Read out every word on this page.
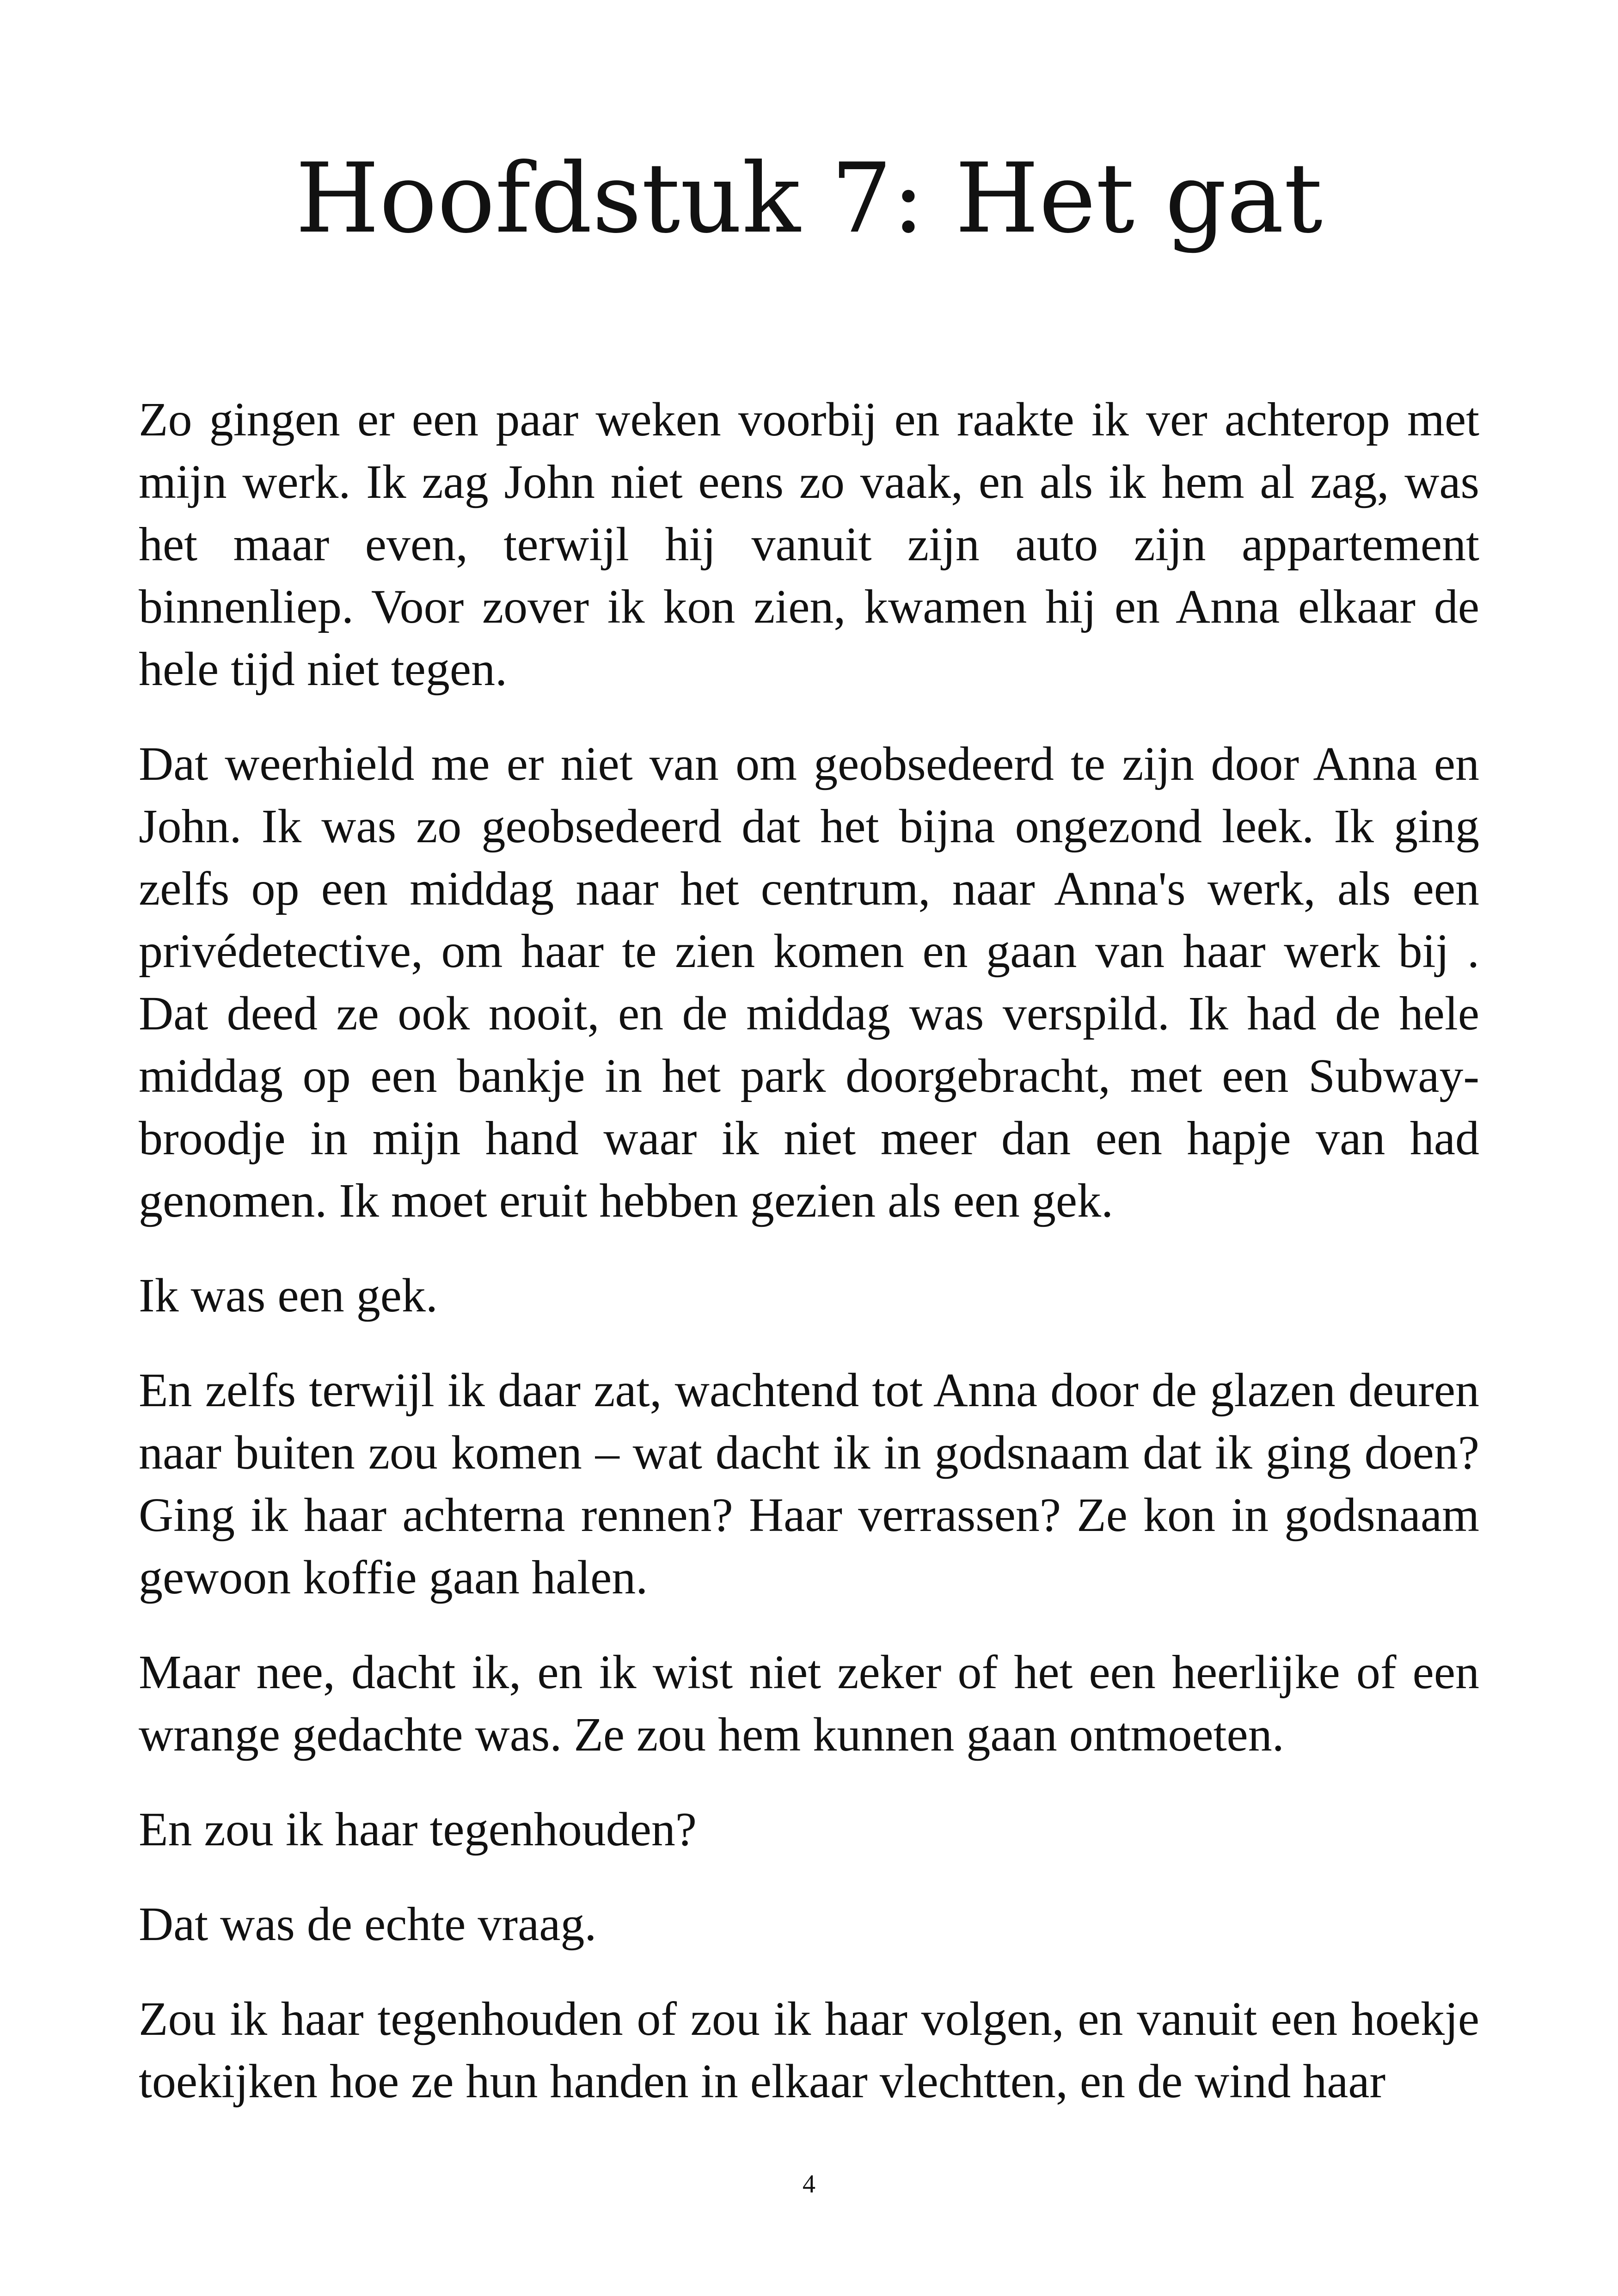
Hoofdstuk 7: Het gat

Zo gingen er een paar weken voorbij en raakte ik ver achterop met mijn werk. Ik zag John niet eens zo vaak, en als ik hem al zag, was het maar even, terwijl hij vanuit zijn auto zijn appartement binnenliep. Voor zover ik kon zien, kwamen hij en Anna elkaar de hele tijd niet tegen.

Dat weerhield me er niet van om geobsedeerd te zijn door Anna en John. Ik was zo geobsedeerd dat het bijna ongezond leek. Ik ging zelfs op een middag naar het centrum, naar Anna's werk, als een privédetective, om haar te zien komen en gaan van haar werk bij . Dat deed ze ook nooit, en de middag was verspild. Ik had de hele middag op een bankje in het park doorgebracht, met een Subway-broodje in mijn hand waar ik niet meer dan een hapje van had genomen. Ik moet eruit hebben gezien als een gek.

Ik was een gek.

En zelfs terwijl ik daar zat, wachtend tot Anna door de glazen deuren naar buiten zou komen – wat dacht ik in godsnaam dat ik ging doen? Ging ik haar achterna rennen? Haar verrassen? Ze kon in godsnaam gewoon koffie gaan halen.

Maar nee, dacht ik, en ik wist niet zeker of het een heerlijke of een wrange gedachte was. Ze zou hem kunnen gaan ontmoeten.

En zou ik haar tegenhouden?

Dat was de echte vraag.

Zou ik haar tegenhouden of zou ik haar volgen, en vanuit een hoekje toekijken hoe ze hun handen in elkaar vlechtten, en de wind haar

4
